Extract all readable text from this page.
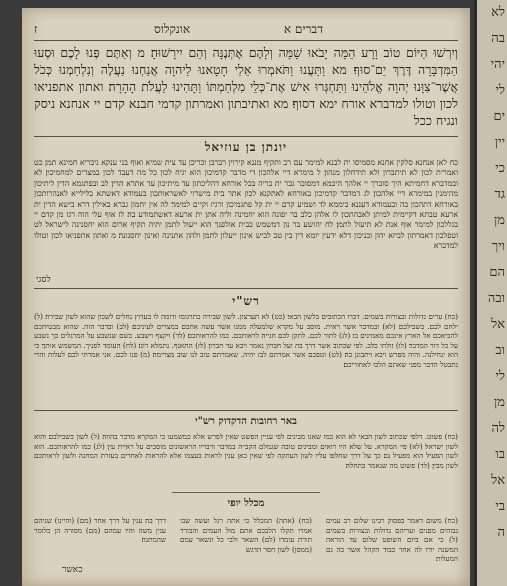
דברים א
אונקלוס
ז
וְיִרְשׁוּ הַיּוֹם טוֹב וָרָע הֵמָּה יָבֹאוּ שָׁמָּה וְלָהֶם אֶתְּנֶנָּה וְהֵם יִירָשׁוּהָ׃ מ וְאַתֶּם פְּנוּ לָכֶם וּסְעוּ הַמִּדְבָּרָה דֶּרֶךְ יַם־סוּף׃ מא וַתַּעֲנוּ וַתֹּאמְרוּ אֵלַי חָטָאנוּ לַיהוָה אֲנַחְנוּ נַעֲלֶה וְנִלְחַמְנוּ כְּכֹל אֲשֶׁר־צִוָּנוּ יְהוָה אֱלֹהֵינוּ וַתַּחְגְּרוּ אִישׁ אֶת־כְּלֵי מִלְחַמְתּוֹ וַתָּהִינוּ לַעֲלֹת הָהָרָה׃ ואתון אתפניאו לכון וטולו למדברא אורח ימא דסוף׃ מא ואתיבתון ואמרתון קדמי חבנא קדם יי אנחנא ניסק ונגיח ככל
יונתן בן עוזיאל
כח לאן אנחנא סלקין אחנא מסמיסו ית לבנא למימר עם רב ותקיף מננא קירוין רברבן וכריכן עד צית שמיא ואוף בני ענקא גיבריא חמינא תמן׃ כט ואמרית לכון לא תיתברון ולא תידחלון מנהון׃ ל מימרא דיי אלהכון די מדבר קדמיכון הוא יגיח לכון כל מה דעבד לכון במצרים למחמיכון׃ לא ובמדברא דחמיתא היך סוברך יי אלהך היכמא דמסובר גבר ית בריה בכל אורחא דהליכתון עד מיתיכון עד אתרא הדין׃ לב ובפתגמא הדין ליתיכון מהימנין במימרא דיי אלהכון׃ לג דמדבר קדמיכון באורחא לאתקנא לכון אתר בית מישרוי לאשראותכון בעמודא דאשתא בלילייא לאנהרותכון באורחא דתהכון בה ובעמודא דעננא ביממא׃ לד ושמיע קדם יי ית קל פתגמיכון ורגיז וקיים למימר׃ לה אין יחמון גברא באילין דרא בישא הדין ית ארעא טבתא דקיימית למיתן לאבהתכון׃ לו אלהן כלב בר יפונה הוא יחמינה וליה אתן ית ארעא דאשתמודע בה׃ לז אוף עלי הוה רגז מן קדם יי בגללכון למימר אוף אנת לא תיעול לתמן׃ לח יהושע בר נון דמשמש בבית אולפנך הוא ייעול לתמן יתיה תקיף ארום הוא יחסנינה לישראל׃ לט וטפלכון דאמרתון לביזא יהון ובניכון דלא ידעין יומא דין בין טב לביש אינון ייעלון לתמן ולהון אתנינה ואינון יחסנונה׃ מ ואתון אתפניאו לכון וטולו למדברא
לסגי
רש"י
(כח) ערים גדולות ובצורות בשמים. דברו הכתובים בלשון הבאי׃ (כט) לא תערצון. לשון שבירה כתרגומו ודומה לו בערוץ נחלים לשכון שהוא לשון שבירה׃ (ל) ילחם לכם. בשבילכם׃ (לא) ובמדבר אשר ראית. מוסב על מקרא שלמעלה ממנו אשר עשה אתכם במצרים לעיניכם׃ (לב) ובדבר הזה. שהוא מבטיחכם להביאכם אל הארץ אינכם מאמינים בו׃ (לג) לתור לכם. לתקן לכם חנייה׃ לראותכם. כמו להראותכם׃ (לד) ויקצף וישבע. כשם שנשבע על המרגלים כך נשבע על כל דור המדבר׃ (לו) זולתי כלב. לפי שכתוב אשר דרך בה ועל חברון נאמר ויבא עד חברון׃ (לז) התאנף. נתמלא רוגז׃ (לח) העומד לפניך. המשמש אותך׃ כי הוא ינחילנה. והיה מפרש ויבא ויתבונן בה׃ (לט) וטפכם אשר אמרתם לבז יהיה. שאמרתם טוב לנו שוב מצרימה׃ (מ) פנו לכם. אני אמרתי לכם לעלות והרי נתבטל הדבר מפני שאתם הלכו לאחוריכם׃
באר רחובות הדקדוק רש"י
(כח) פשוט. דלפי שכתוב לשון הבאי לא הוא כמו שאנו מבינים לפי עניין הפשט שאין לפרש אלא כמשמעו כי המקרא מדבר בהווה׃ (ל) לשון בשבילכם והוא לשון ישראל׃ (לא) פי׳ המקרא. על שלא היו רואים ומבינים טובה שגמלם הקב״ה במדבר ודבריו הראשונים מוסבים על ראיית עין׃ (לג) כמו להראותכם. הוא לשון הפעיל הוא מפעיל גם כך על דרך שחלפו עליו לשון העתקה לפי שאין כאן ענין לראות בעצמו אלא להראות לאחרים בעזרת המחנה ולשון לראותכם לשון מבין׃ (לד) פשוט מה שנאמר בתחלה׃
מכלל יופי
(כח) משום דאמר בפסוק רבינו שלום רב עמים גבוהים מפנים ועריהם גדולות ובצורות בשמים (ל) כי אם ביום השופט שלום עד הוראה המשנה יורו לה אחר כבוד הקהל אשר בה גם המעלות׃
(כח) (אתה) המכלל כי אתה רגל ועשה שבו אמרו תקלו הלבכם אתם מול העמים והבורר תורת עומדו (לם) השאר ולבי כל ונשאר עמם (ממסן) לשון חסר הדגש׃
דרך בה׃ ענין על דרך אחר (מם) (והיינו) שניהם ענין משה והיו עמהם (מם) מסורה הן כלומר שהמתנה׃
כאשר
לא
בה
יהי
לי
ים
יין
כי
גד
מן
ויך
הם
ובה
אל
וב
לי
מן
לה
בו
אל
בי
ה
